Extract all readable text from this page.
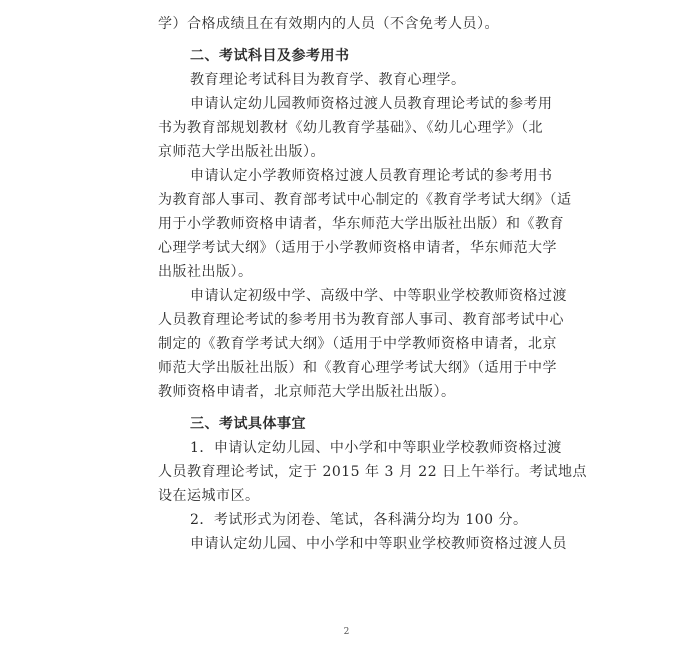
学）合格成绩且在有效期内的人员（不含免考人员）。
二、考试科目及参考用书
教育理论考试科目为教育学、教育心理学。
申请认定幼儿园教师资格过渡人员教育理论考试的参考用
书为教育部规划教材《幼儿教育学基础》、《幼儿心理学》（北
京师范大学出版社出版）。
申请认定小学教师资格过渡人员教育理论考试的参考用书
为教育部人事司、教育部考试中心制定的《教育学考试大纲》（适
用于小学教师资格申请者，华东师范大学出版社出版）和《教育
心理学考试大纲》（适用于小学教师资格申请者，华东师范大学
出版社出版）。
申请认定初级中学、高级中学、中等职业学校教师资格过渡
人员教育理论考试的参考用书为教育部人事司、教育部考试中心
制定的《教育学考试大纲》（适用于中学教师资格申请者，北京
师范大学出版社出版）和《教育心理学考试大纲》（适用于中学
教师资格申请者，北京师范大学出版社出版）。
三、考试具体事宜
1．申请认定幼儿园、中小学和中等职业学校教师资格过渡
人员教育理论考试，定于 2015 年 3 月 22 日上午举行。考试地点
设在运城市区。
2．考试形式为闭卷、笔试，各科满分均为 100 分。
申请认定幼儿园、中小学和中等职业学校教师资格过渡人员
2
